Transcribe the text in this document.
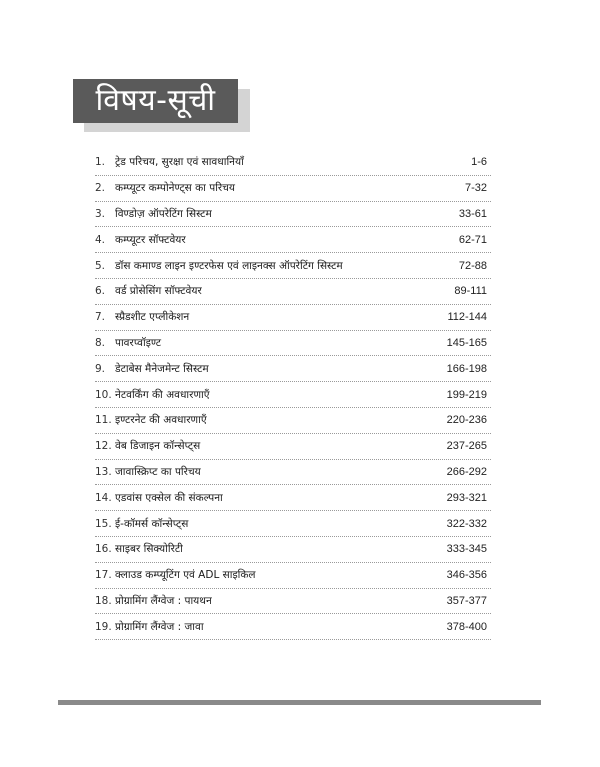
विषय-सूची
1. ट्रेड परिचय, सुरक्षा एवं सावधानियाँ	1-6
2. कम्प्यूटर कम्पोनेण्ट्स का परिचय	7-32
3. विण्डोज़ ऑपरेटिंग सिस्टम	33-61
4. कम्प्यूटर सॉफ्टवेयर	62-71
5. डॉस कमाण्ड लाइन इण्टरफेस एवं लाइनक्स ऑपरेटिंग सिस्टम	72-88
6. वर्ड प्रोसेसिंग सॉफ्टवेयर	89-111
7. स्प्रैडशीट एप्लीकेशन	112-144
8. पावरप्वॉइण्ट	145-165
9. डेटाबेस मैनेजमेन्ट सिस्टम	166-198
10. नेटवर्किंग की अवधारणाएँ	199-219
11. इण्टरनेट की अवधारणाएँ	220-236
12. वेब डिजाइन कॉन्सेप्ट्स	237-265
13. जावास्क्रिप्ट का परिचय	266-292
14. एडवांस एक्सेल की संकल्पना	293-321
15. ई-कॉमर्स कॉन्सेप्ट्स	322-332
16. साइबर सिक्योरिटी	333-345
17. क्लाउड कम्प्यूटिंग एवं ADL साइकिल	346-356
18. प्रोग्रामिंग लैंग्वेज : पायथन	357-377
19. प्रोग्रामिंग लैंग्वेज : जावा	378-400
